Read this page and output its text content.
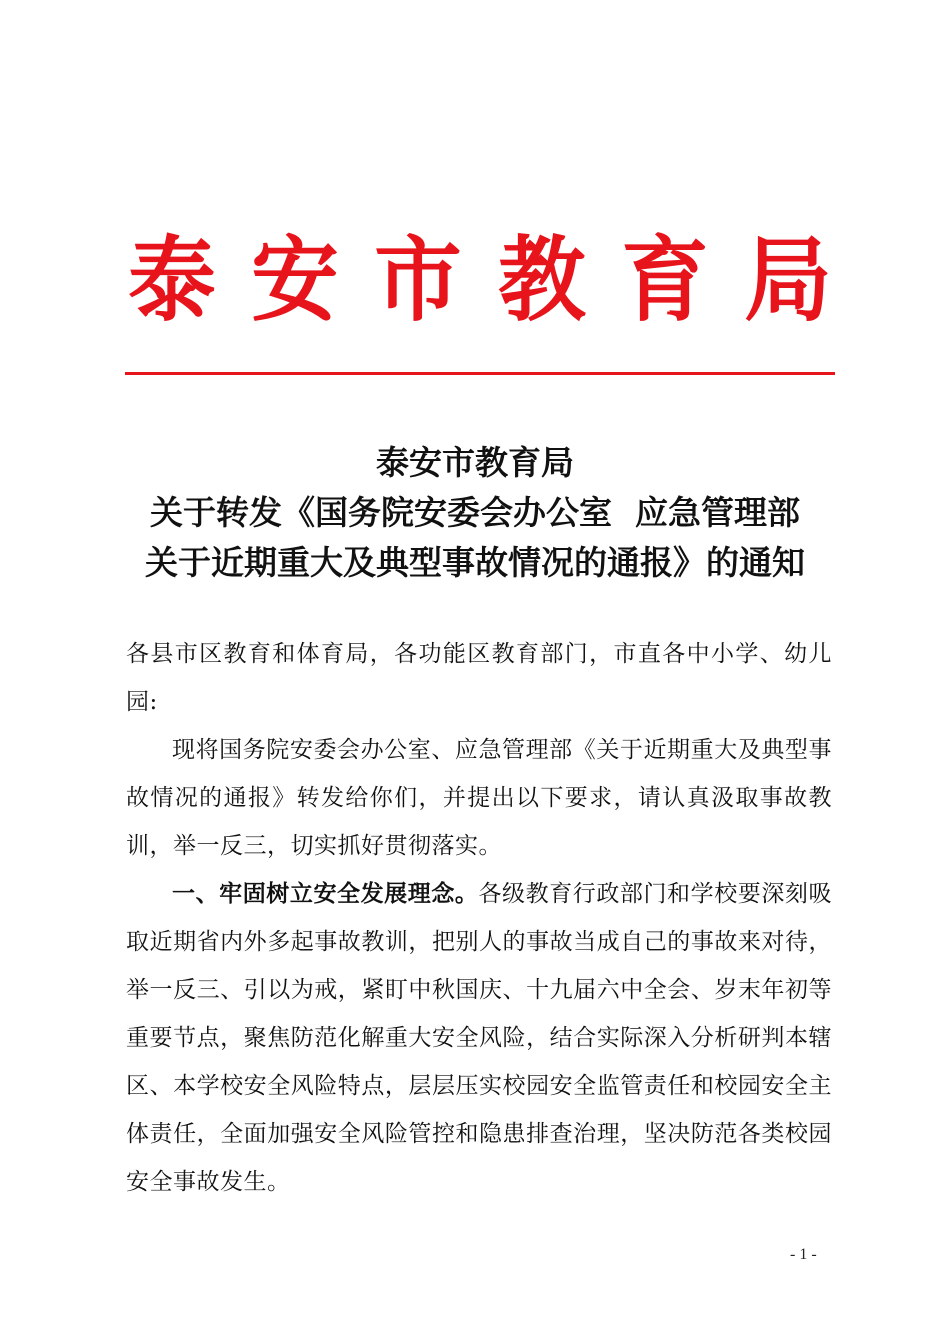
泰 安 市 教 育 局
泰安市教育局
关于转发《国务院安委会办公室  应急管理部
关于近期重大及典型事故情况的通报》的通知

各县市区教育和体育局，各功能区教育部门，市直各中小学、幼儿园:

现将国务院安委会办公室、应急管理部《关于近期重大及典型事故情况的通报》转发给你们，并提出以下要求，请认真汲取事故教训，举一反三，切实抓好贯彻落实。

一、牢固树立安全发展理念。各级教育行政部门和学校要深刻吸取近期省内外多起事故教训，把别人的事故当成自己的事故来对待，举一反三、引以为戒，紧盯中秋国庆、十九届六中全会、岁末年初等重要节点，聚焦防范化解重大安全风险，结合实际深入分析研判本辖区、本学校安全风险特点，层层压实校园安全监管责任和校园安全主体责任，全面加强安全风险管控和隐患排查治理，坚决防范各类校园安全事故发生。

- 1 -
